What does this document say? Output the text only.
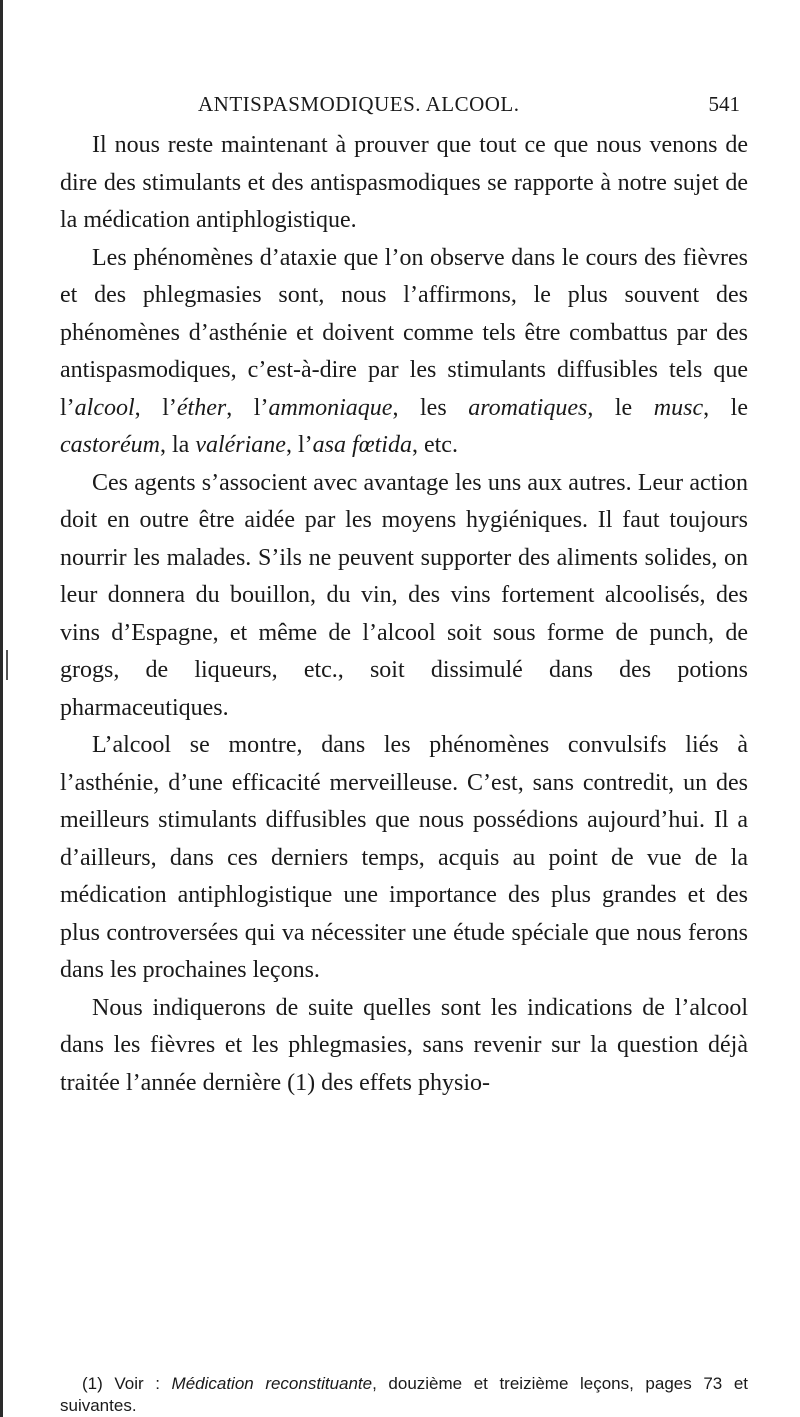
ANTISPASMODIQUES. ALCOOL.	541

Il nous reste maintenant à prouver que tout ce que nous venons de dire des stimulants et des antispasmodiques se rapporte à notre sujet de la médication antiphlogistique.

Les phénomènes d’ataxie que l’on observe dans le cours des fièvres et des phlegmasies sont, nous l’affirmons, le plus souvent des phénomènes d’asthénie et doivent comme tels être combattus par des antispasmodiques, c’est-à-dire par les stimulants diffusibles tels que l’alcool, l’éther, l’ammoniaque, les aromatiques, le musc, le castoréum, la valériane, l’asa fœtida, etc.

Ces agents s’associent avec avantage les uns aux autres. Leur action doit en outre être aidée par les moyens hygiéniques. Il faut toujours nourrir les malades. S’ils ne peuvent supporter des aliments solides, on leur donnera du bouillon, du vin, des vins fortement alcoolisés, des vins d’Espagne, et même de l’alcool soit sous forme de punch, de grogs, de liqueurs, etc., soit dissimulé dans des potions pharmaceutiques.

L’alcool se montre, dans les phénomènes convulsifs liés à l’asthénie, d’une efficacité merveilleuse. C’est, sans contredit, un des meilleurs stimulants diffusibles que nous possédions aujourd’hui. Il a d’ailleurs, dans ces derniers temps, acquis au point de vue de la médication antiphlogistique une importance des plus grandes et des plus controversées qui va nécessiter une étude spéciale que nous ferons dans les prochaines leçons.

Nous indiquerons de suite quelles sont les indications de l’alcool dans les fièvres et les phlegmasies, sans revenir sur la question déjà traitée l’année dernière (1) des effets physio-

(1) Voir : Médication reconstituante, douzième et treizième leçons, pages 73 et suivantes.
